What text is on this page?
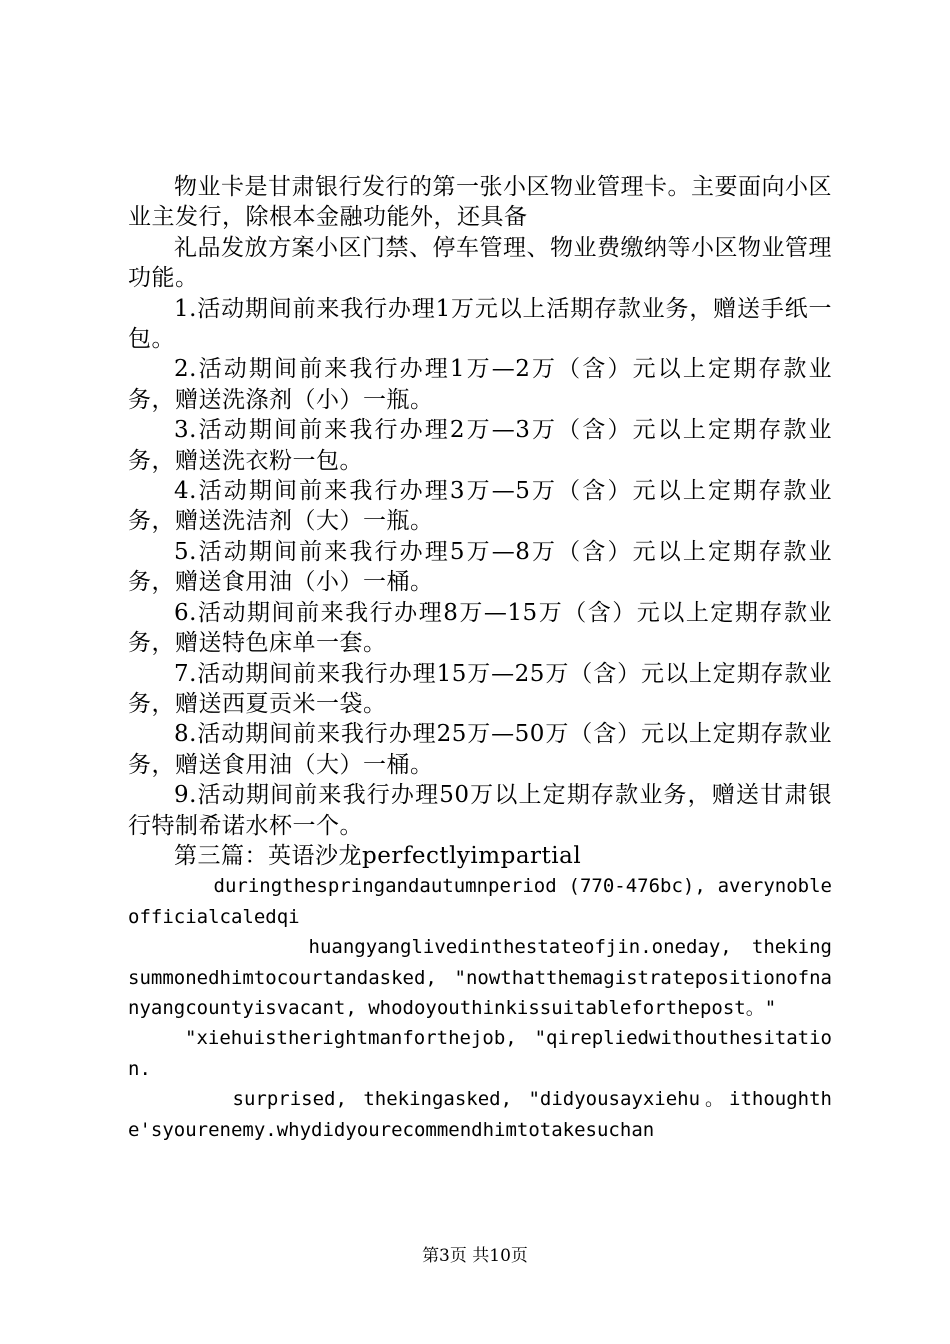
物业卡是甘肃银行发行的第一张小区物业管理卡。主要面向小区业主发行，除根本金融功能外，还具备

礼品发放方案小区门禁、停车管理、物业费缴纳等小区物业管理功能。

1.活动期间前来我行办理1万元以上活期存款业务，赠送手纸一包。

2.活动期间前来我行办理1万—2万（含）元以上定期存款业务，赠送洗涤剂（小）一瓶。

3.活动期间前来我行办理2万—3万（含）元以上定期存款业务，赠送洗衣粉一包。

4.活动期间前来我行办理3万—5万（含）元以上定期存款业务，赠送洗洁剂（大）一瓶。

5.活动期间前来我行办理5万—8万（含）元以上定期存款业务，赠送食用油（小）一桶。

6.活动期间前来我行办理8万—15万（含）元以上定期存款业务，赠送特色床单一套。

7.活动期间前来我行办理15万—25万（含）元以上定期存款业务，赠送西夏贡米一袋。

8.活动期间前来我行办理25万—50万（含）元以上定期存款业务，赠送食用油（大）一桶。

9.活动期间前来我行办理50万以上定期存款业务，赠送甘肃银行特制希诺水杯一个。

第三篇：英语沙龙perfectlyimpartial

duringthespringandautumnperiod (770-476bc), averynobleofficialcaledqi

huangyanglivedinthestateofjin.oneday, thekingsummonedhimtocourtandasked, "nowthatthemagistratepositionofnanyangcountyisvacant, whodoyouthinkissuitableforthepost。"

"xiehuistherightmanforthejob, "qirepliedwithouthesitation.

surprised, thekingasked, "didyousayxiehu。ithoughthe'syourenemy.whydidyourecommendhimtotakesuchan

第3页 共10页
